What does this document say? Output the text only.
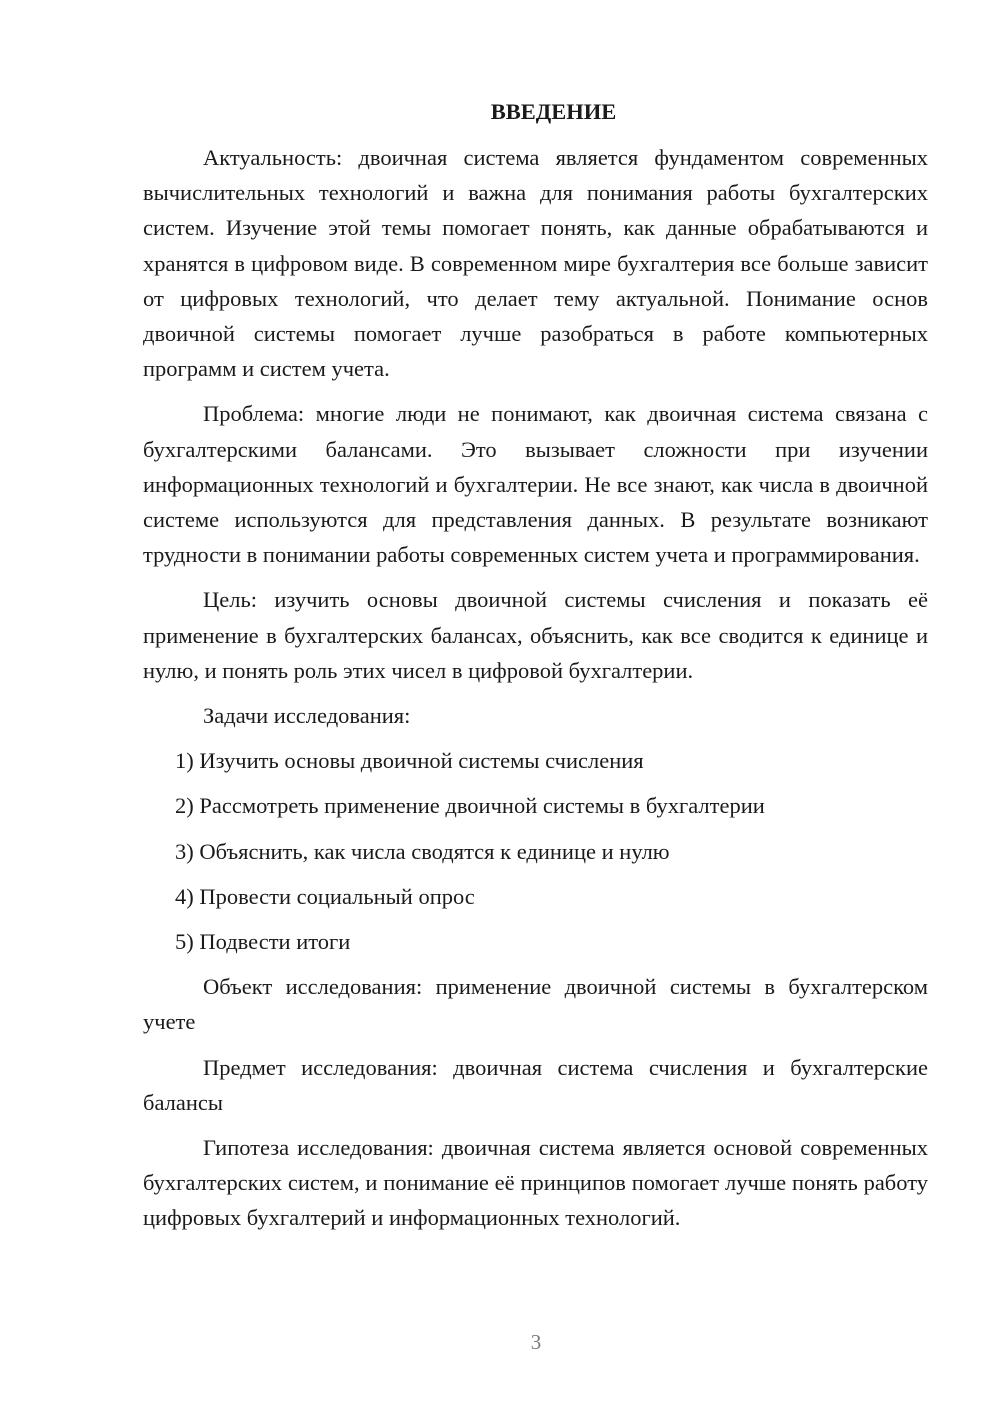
ВВЕДЕНИЕ

Актуальность: двоичная система является фундаментом современных вычислительных технологий и важна для понимания работы бухгалтерских систем. Изучение этой темы помогает понять, как данные обрабатываются и хранятся в цифровом виде. В современном мире бухгалтерия все больше зависит от цифровых технологий, что делает тему актуальной. Понимание основ двоичной системы помогает лучше разобраться в работе компьютерных программ и систем учета.

Проблема: многие люди не понимают, как двоичная система связана с бухгалтерскими балансами. Это вызывает сложности при изучении информационных технологий и бухгалтерии. Не все знают, как числа в двоичной системе используются для представления данных. В результате возникают трудности в понимании работы современных систем учета и программирования.

Цель: изучить основы двоичной системы счисления и показать её применение в бухгалтерских балансах, объяснить, как все сводится к единице и нулю, и понять роль этих чисел в цифровой бухгалтерии.

Задачи исследования:
1) Изучить основы двоичной системы счисления
2) Рассмотреть применение двоичной системы в бухгалтерии
3) Объяснить, как числа сводятся к единице и нулю
4) Провести социальный опрос
5) Подвести итоги

Объект исследования: применение двоичной системы в бухгалтерском учете

Предмет исследования: двоичная система счисления и бухгалтерские балансы

Гипотеза исследования: двоичная система является основой современных бухгалтерских систем, и понимание её принципов помогает лучше понять работу цифровых бухгалтерий и информационных технологий.

3
